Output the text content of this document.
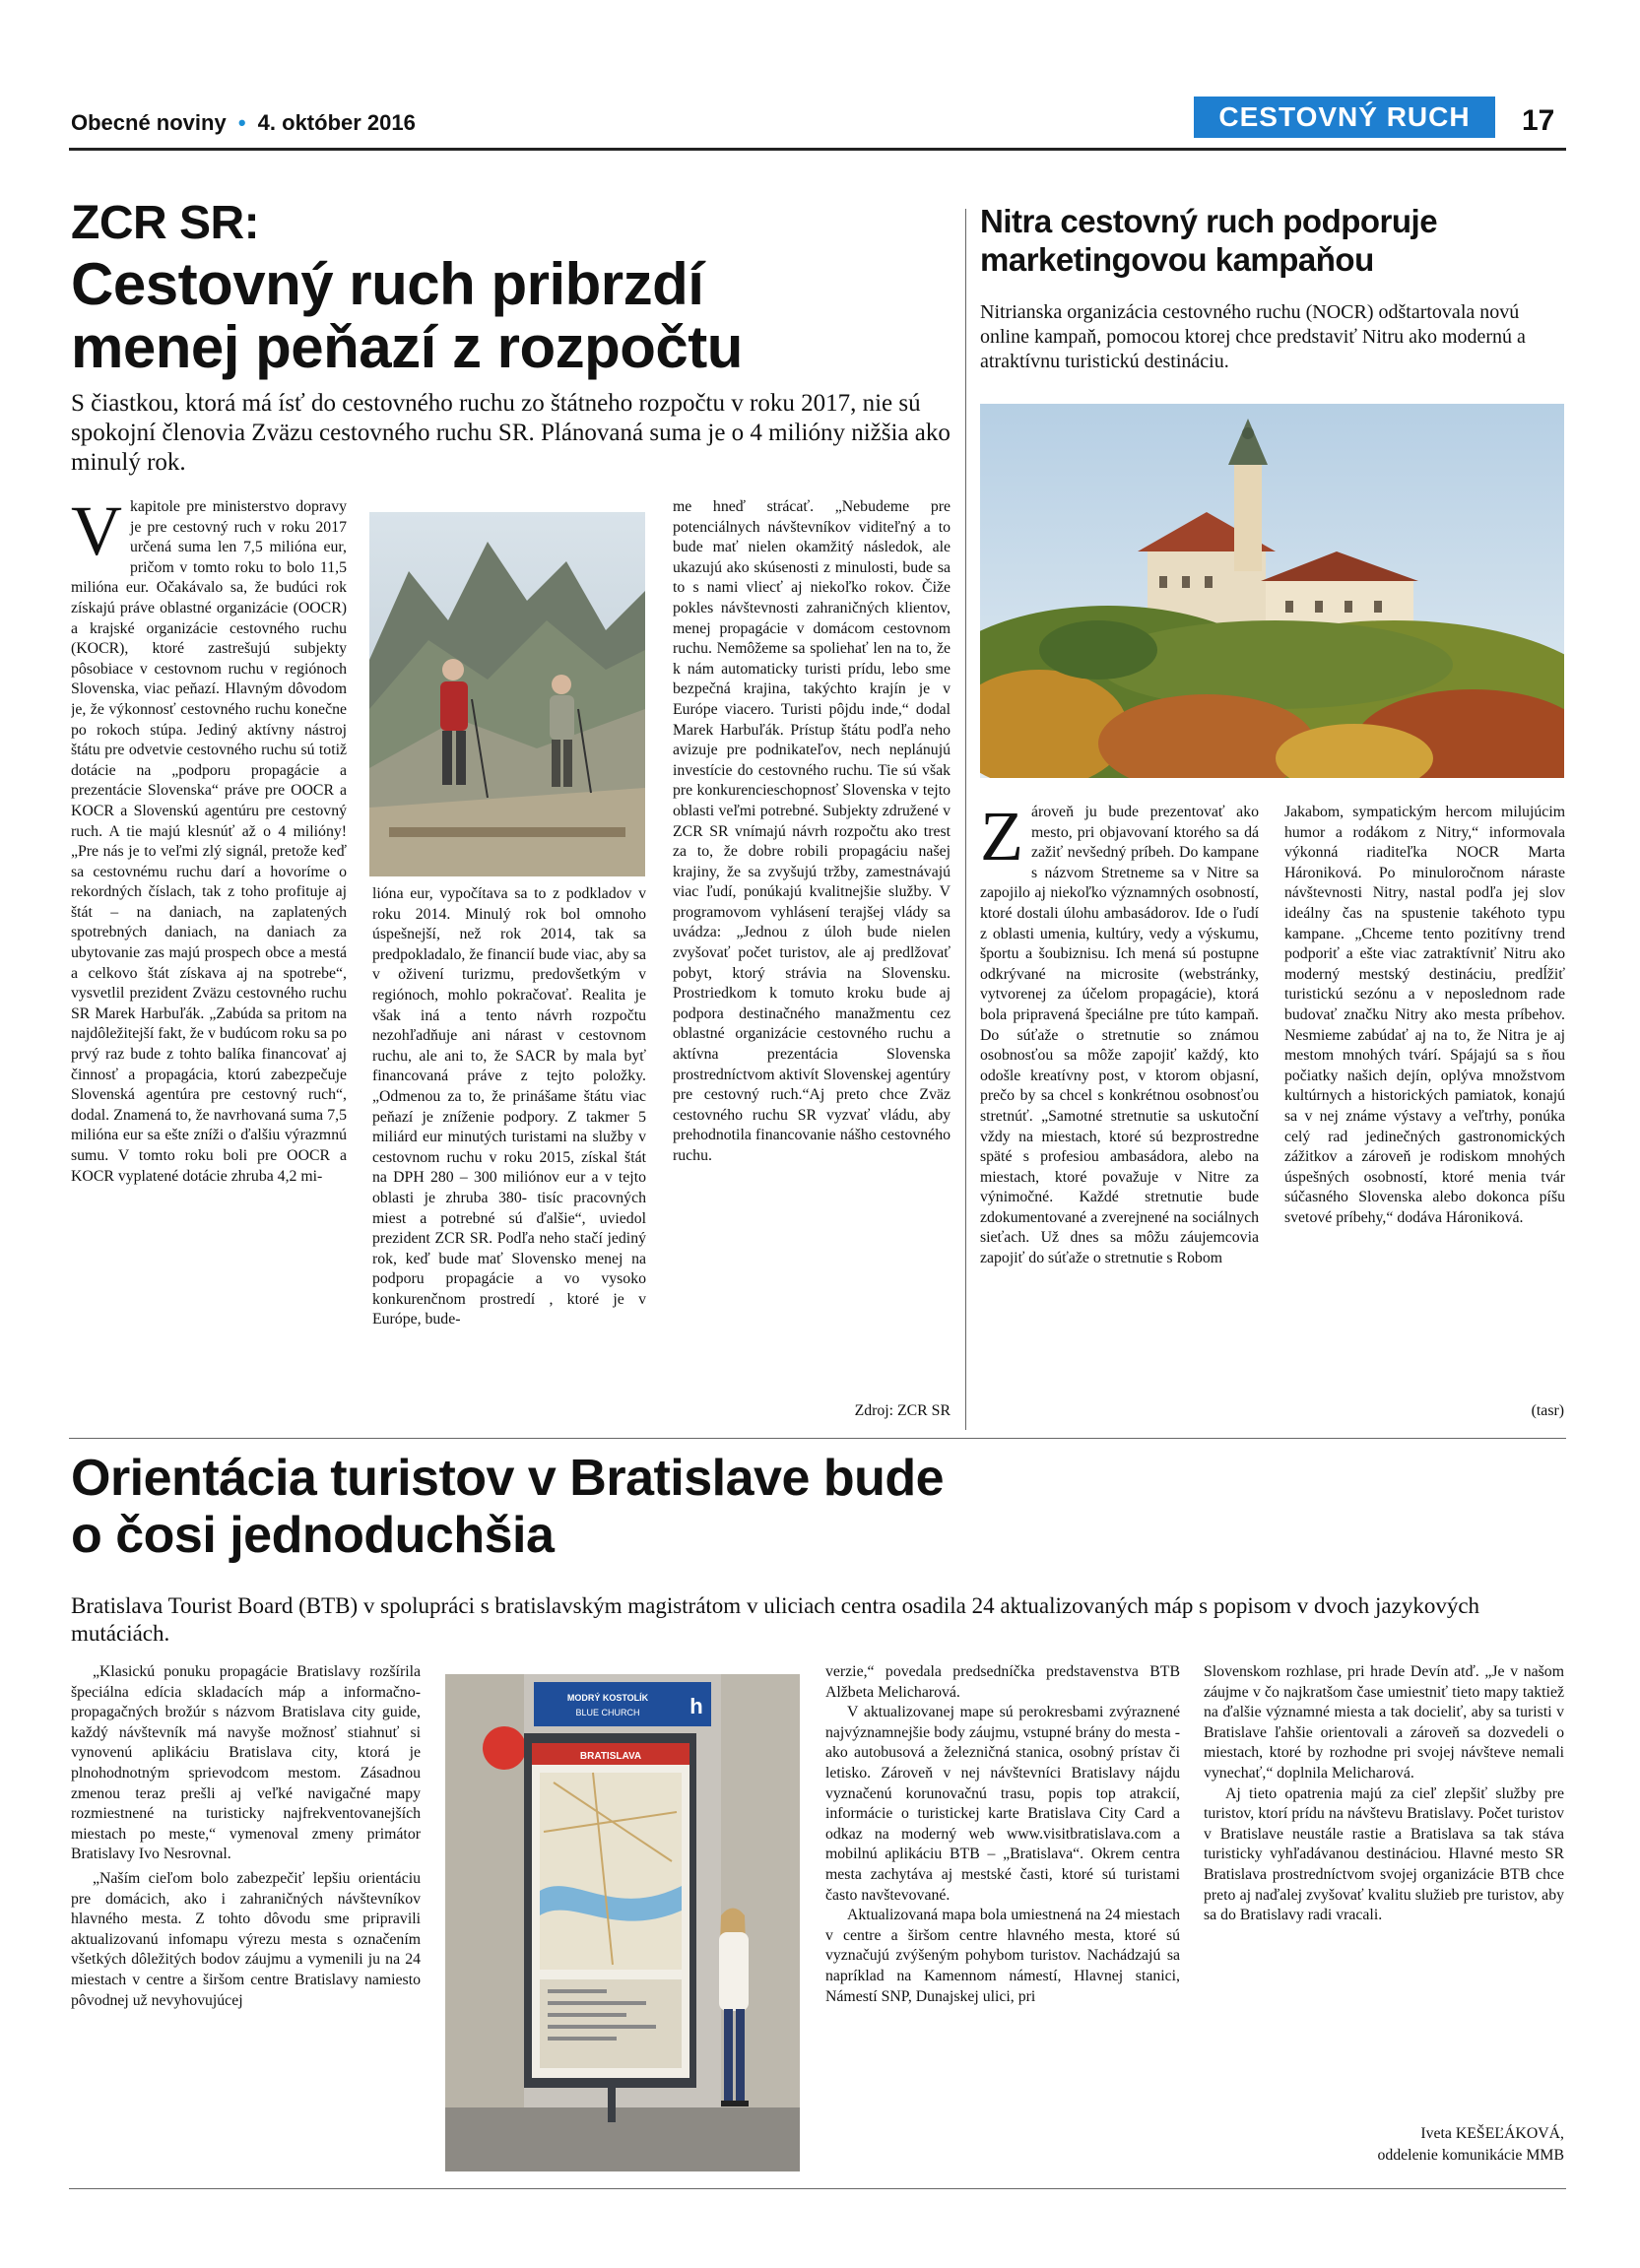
Obecné noviny • 4. október 2016	CESTOVNÝ RUCH	17
ZCR SR:
Cestovný ruch pribrzdí
menej peňazí z rozpočtu
S čiastkou, ktorá má ísť do cestovného ruchu zo štátneho rozpočtu v roku 2017, nie sú spokojní členovia Zväzu cestovného ruchu SR. Plánovaná suma je o 4 milióny nižšia ako minulý rok.
Vkapitole pre ministerstvo dopravy je pre cestovný ruch v roku 2017 určená suma len 7,5 milióna eur, pričom v tomto roku to bolo 11,5 milióna eur. Očakávalo sa, že budúci rok získajú práve oblastné organizácie (OOCR) a krajské organizácie cestovného ruchu (KOCR), ktoré zastrešujú subjekty pôsobiace v cestovnom ruchu v regiónoch Slovenska, viac peňazí. Hlavným dôvodom je, že výkonnosť cestovného ruchu konečne po rokoch stúpa. Jediný aktívny nástroj štátu pre odvetvie cestovného ruchu sú totiž dotácie na „podporu propagácie a prezentácie Slovenska“ práve pre OOCR a KOCR a Slovenskú agentúru pre cestovný ruch. A tie majú klesnúť až o 4 milióny!„Pre nás je to veľmi zlý signál, pretože keď sa cestovnému ruchu darí a hovoríme o rekordných číslach, tak z toho profituje aj štát – na daniach, na zaplatených spotrebných daniach, na daniach za ubytovanie zas majú prospech obce a mestá a celkovo štát získava aj na spotrebe“, vysvetlil prezident Zväzu cestovného ruchu SR Marek Harbuľák. „Zabúda sa pritom na najdôležitejší fakt, že v budúcom roku sa po prvý raz bude z tohto balíka financovať aj činnosť a propagácia, ktorú zabezpečuje Slovenská agentúra pre cestovný ruch“, dodal. Znamená to, že navrhovaná suma 7,5 milióna eur sa ešte zníži o ďalšiu výrazmnú sumu. V tomto roku boli pre OOCR a KOCR vyplatené dotácie zhruba 4,2 mi-
lióna eur, vypočítava sa to z podkladov v roku 2014. Minulý rok bol omnoho úspešnejší, než rok 2014, tak sa predpokladalo, že financií bude viac, aby sa v oživení turizmu, predovšetkým v regiónoch, mohlo pokračovať. Realita je však iná a tento návrh rozpočtu nezohľadňuje ani nárast v cestovnom ruchu, ale ani to, že SACR by mala byť financovaná práve z tejto položky.„Odmenou za to, že prinášame štátu viac peňazí je zníženie podpory. Z takmer 5 miliárd eur minutých turistami na služby v cestovnom ruchu v roku 2015, získal štát na DPH 280 – 300 miliónov eur a v tejto oblasti je zhruba 380- tisíc pracovných miest a potrebné sú ďalšie“, uviedol prezident ZCR SR. Podľa neho stačí jediný rok, keď bude mať Slovensko menej na podporu propagácie a vo vysoko konkurenčnom prostredí , ktoré je v Európe, bude-
me hneď strácať. „Nebudeme pre potenciálnych návštevníkov viditeľný a to bude mať nielen okamžitý následok, ale ukazujú ako skúsenosti z minulosti, bude sa to s nami vliecť aj niekoľko rokov. Čiže pokles návštevnosti zahraničných klientov, menej propagácie v domácom cestovnom ruchu. Nemôžeme sa spoliehať len na to, že k nám automaticky turisti prídu, lebo sme bezpečná krajina, takýchto krajín je v Európe viacero. Turisti pôjdu inde,“ dodal Marek Harbuľák. Prístup štátu podľa neho avizuje pre podnikateľov, nech neplánujú investície do cestovného ruchu. Tie sú však pre konkurencieschopnosť Slovenska v tejto oblasti veľmi potrebné. Subjekty združené v ZCR SR vnímajú návrh rozpočtu ako trest za to, že dobre robili propagáciu našej krajiny, že sa zvyšujú tržby, zamestnávajú viac ľudí, ponúkajú kvalitnejšie služby. V programovom vyhlásení terajšej vlády sa uvádza: „Jednou z úloh bude nielen zvyšovať počet turistov, ale aj predlžovať pobyt, ktorý strávia na Slovensku. Prostriedkom k tomuto kroku bude aj podpora destinačného manažmentu cez oblastné organizácie cestovného ruchu a aktívna prezentácia Slovenska prostredníctvom aktivít Slovenskej agentúry pre cestovný ruch.“Aj preto chce Zväz cestovného ruchu SR vyzvať vládu, aby prehodnotila financovanie nášho cestovného ruchu.
Zdroj: ZCR SR
Nitra cestovný ruch podporuje
marketingovou kampaňou
Nitrianska organizácia cestovného ruchu (NOCR) odštartovala novú online kampaň, pomocou ktorej chce predstaviť Nitru ako modernú a atraktívnu turistickú destináciu.
Zároveň ju bude prezentovať ako mesto, pri objavovaní ktorého sa dá zažiť nevšedný príbeh. Do kampane s názvom Stretneme sa v Nitre sa zapojilo aj niekoľko významných osobností, ktoré dostali úlohu ambasádorov. Ide o ľudí z oblasti umenia, kultúry, vedy a výskumu, športu a šoubiznisu. Ich mená sú postupne odkrývané na microsite (webstránky, vytvorenej za účelom propagácie), ktorá bola pripravená špeciálne pre túto kampaň. Do súťaže o stretnutie so známou osobnosťou sa môže zapojiť každý, kto odošle kreatívny post, v ktorom objasní, prečo by sa chcel s konkrétnou osobnosťou stretnúť. „Samotné stretnutie sa uskutoční vždy na miestach, ktoré sú bezprostredne späté s profesiou ambasádora, alebo na miestach, ktoré považuje v Nitre za výnimočné. Každé stretnutie bude zdokumentované a zverejnené na sociálnych sieťach. Už dnes sa môžu záujemcovia zapojiť do súťaže o stretnutie s Robom
Jakabom, sympatickým hercom milujúcim humor a rodákom z Nitry,“ informovala výkonná riaditeľka NOCR Marta Hároniková. Po minuloročnom náraste návštevnosti Nitry, nastal podľa jej slov ideálny čas na spustenie takéhoto typu kampane. „Chceme tento pozitívny trend podporiť a ešte viac zatraktívniť Nitru ako moderný mestský destináciu, predĺžiť turistickú sezónu a v neposlednom rade budovať značku Nitry ako mesta príbehov. Nesmieme zabúdať aj na to, že Nitra je aj mestom mnohých tvárí. Spájajú sa s ňou počiatky našich dejín, oplýva množstvom kultúrnych a historických pamiatok, konajú sa v nej známe výstavy a veľtrhy, ponúka celý rad jedinečných gastronomických zážitkov a zároveň je rodiskom mnohých úspešných osobností, ktoré menia tvár súčasného Slovenska alebo dokonca píšu svetové príbehy,“ dodáva Hároniková.
(tasr)
Orientácia turistov v Bratislave bude
o čosi jednoduchšia
Bratislava Tourist Board (BTB) v spolupráci s bratislavským magistrátom v uliciach centra osadila 24 aktualizovaných máp s popisom v dvoch jazykových mutáciách.

„Klasickú ponuku propagácie Bratislavy rozšírila špeciálna edícia skladacích máp a informačno-propagačných brožúr s názvom Bratislava city guide, každý návštevník má navyše možnosť stiahnuť si vynovenú aplikáciu Bratislava city, ktorá je plnohodnotným sprievodcom mestom. Zásadnou zmenou teraz prešli aj veľké navigačné mapy rozmiestnené na turisticky najfrekventovanejších miestach po meste,“ vymenoval zmeny primátor Bratislavy Ivo Nesrovnal.

„Naším cieľom bolo zabezpečiť lepšiu orientáciu pre domácich, ako i zahraničných návštevníkov hlavného mesta. Z tohto dôvodu sme pripravili aktualizovanú infomapu výrezu mesta s označením všetkých dôležitých bodov záujmu a vymenili ju na 24 miestach v centre a širšom centre Bratislavy namiesto pôvodnej už nevyhovujúcej

MODRÝ KOSTOLÍK
BLUE CHURCH h
BRATISLAVA

verzie,“ povedala predsedníčka predstavenstva BTB Alžbeta Melicharová.

V aktualizovanej mape sú perokresbami zvýraznené najvýznamnejšie body záujmu, vstupné brány do mesta - ako autobusová a železničná stanica, osobný prístav či letisko. Zároveň v nej návštevníci Bratislavy nájdu vyznačenú korunovačnú trasu, popis top atrakcií, informácie o turistickej karte Bratislava City Card a odkaz na moderný web www.visitbratislava.com a mobilnú aplikáciu BTB – „Bratislava“. Okrem centra mesta zachytáva aj mestské časti, ktoré sú turistami často navštevované.

Aktualizovaná mapa bola umiestnená na 24 miestach v centre a širšom centre hlavného mesta, ktoré sú vyznačujú zvýšeným pohybom turistov. Nachádzajú sa napríklad na Kamennom námestí, Hlavnej stanici, Námestí SNP, Dunajskej ulici, pri

Slovenskom rozhlase, pri hrade Devín atď. „Je v našom záujme v čo najkratšom čase umiestniť tieto mapy taktiež na ďalšie významné miesta a tak docieliť, aby sa turisti v Bratislave ľahšie orientovali a zároveň sa dozvedeli o miestach, ktoré by rozhodne pri svojej návšteve nemali vynechať,“ doplnila Melicharová.

Aj tieto opatrenia majú za cieľ zlepšiť služby pre turistov, ktorí prídu na návštevu Bratislavy. Počet turistov v Bratislave neustále rastie a Bratislava sa tak stáva turisticky vyhľadávanou destináciou. Hlavné mesto SR Bratislava prostredníctvom svojej organizácie BTB chce preto aj naďalej zvyšovať kvalitu služieb pre turistov, aby sa do Bratislavy radi vracali.

Iveta KEŠEĽÁKOVÁ,
oddelenie komunikácie MMB
